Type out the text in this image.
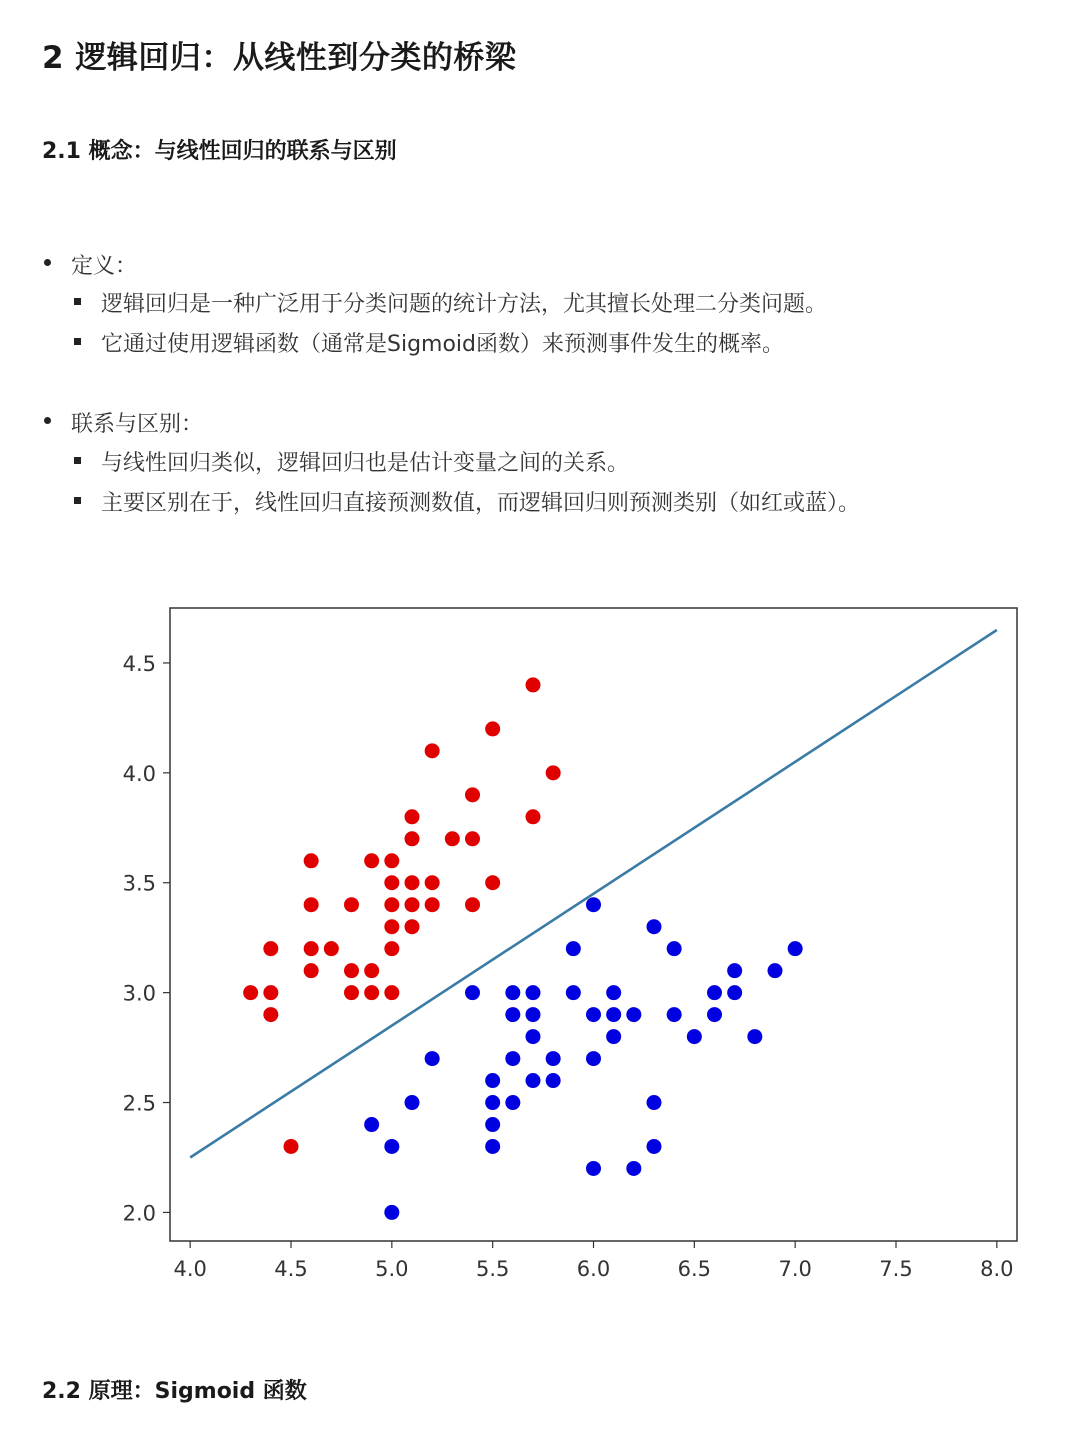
2 逻辑回归：从线性到分类的桥梁
2.1 概念：与线性回归的联系与区别
定义：
逻辑回归是一种广泛用于分类问题的统计方法，尤其擅长处理二分类问题。
它通过使用逻辑函数（通常是Sigmoid函数）来预测事件发生的概率。
联系与区别：
与线性回归类似，逻辑回归也是估计变量之间的关系。
主要区别在于，线性回归直接预测数值，而逻辑回归则预测类别（如红或蓝）。
4.0	4.5	5.0	5.5	6.0	6.5	7.0	7.5	8.0
2.0
2.5
3.0
3.5
4.0
4.5
2.2 原理：Sigmoid 函数
